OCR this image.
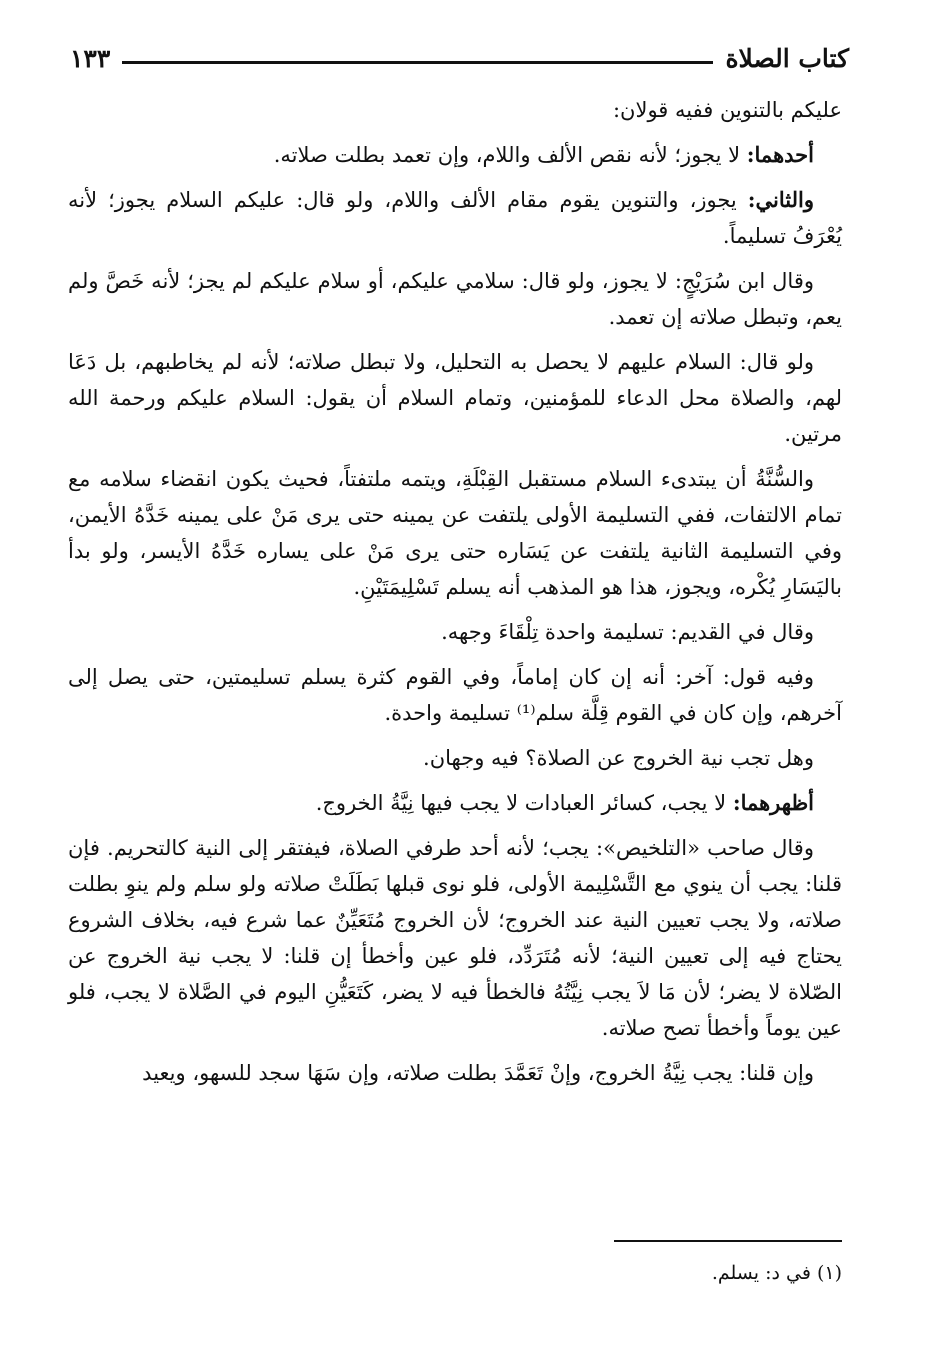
كتاب الصلاة
١٣٣

عليكم بالتنوين ففيه قولان:

أحدهما: لا يجوز؛ لأنه نقص الألف واللام، وإن تعمد بطلت صلاته.

والثاني: يجوز، والتنوين يقوم مقام الألف واللام، ولو قال: عليكم السلام يجوز؛ لأنه يُعْرَفُ تسليماً.

وقال ابن سُرَيْجٍ: لا يجوز، ولو قال: سلامي عليكم، أو سلام عليكم لم يجز؛ لأنه خَصَّ ولم يعم، وتبطل صلاته إن تعمد.

ولو قال: السلام عليهم لا يحصل به التحليل، ولا تبطل صلاته؛ لأنه لم يخاطبهم، بل دَعَا لهم، والصلاة محل الدعاء للمؤمنين، وتمام السلام أن يقول: السلام عليكم ورحمة الله مرتين.

والسُّنَّةُ أن يبتدىء السلام مستقبل القِبْلَةِ، ويتمه ملتفتاً، فحيث يكون انقضاء سلامه مع تمام الالتفات، ففي التسليمة الأولى يلتفت عن يمينه حتى يرى مَنْ على يمينه خَدَّهُ الأيمن، وفي التسليمة الثانية يلتفت عن يَسَاره حتى يرى مَنْ على يساره خَدَّهُ الأيسر، ولو بدأ باليَسَارِ يُكْره، ويجوز، هذا هو المذهب أنه يسلم تَسْلِيمَتَيْنِ.

وقال في القديم: تسليمة واحدة تِلْقَاءَ وجهه.

وفيه قول: آخر: أنه إن كان إماماً، وفي القوم كثرة يسلم تسليمتين، حتى يصل إلى آخرهم، وإن كان في القوم قِلَّة سلم⁽¹⁾ تسليمة واحدة.

وهل تجب نية الخروج عن الصلاة؟ فيه وجهان.

أظهرهما: لا يجب، كسائر العبادات لا يجب فيها نِيَّةُ الخروج.

وقال صاحب «التلخيص»: يجب؛ لأنه أحد طرفي الصلاة، فيفتقر إلى النية كالتحريم. فإن قلنا: يجب أن ينوي مع التَّسْلِيمة الأولى، فلو نوى قبلها بَطَلَتْ صلاته ولو سلم ولم ينوِ بطلت صلاته، ولا يجب تعيين النية عند الخروج؛ لأن الخروج مُتَعَيِّنٌ عما شرع فيه، بخلاف الشروع يحتاج فيه إلى تعيين النية؛ لأنه مُتَرَدِّد، فلو عين وأخطأ إن قلنا: لا يجب نية الخروج عن الصّلاة لا يضر؛ لأن مَا لاَ يجب نِيَّتُهُ فالخطأ فيه لا يضر، كَتَعَيُّنِ اليوم في الصَّلاة لا يجب، فلو عين يوماً وأخطأ تصح صلاته.

وإن قلنا: يجب نِيَّةُ الخروج، وإنْ تَعَمَّدَ بطلت صلاته، وإن سَهَا سجد للسهو، ويعيد

(١) في د: يسلم.
